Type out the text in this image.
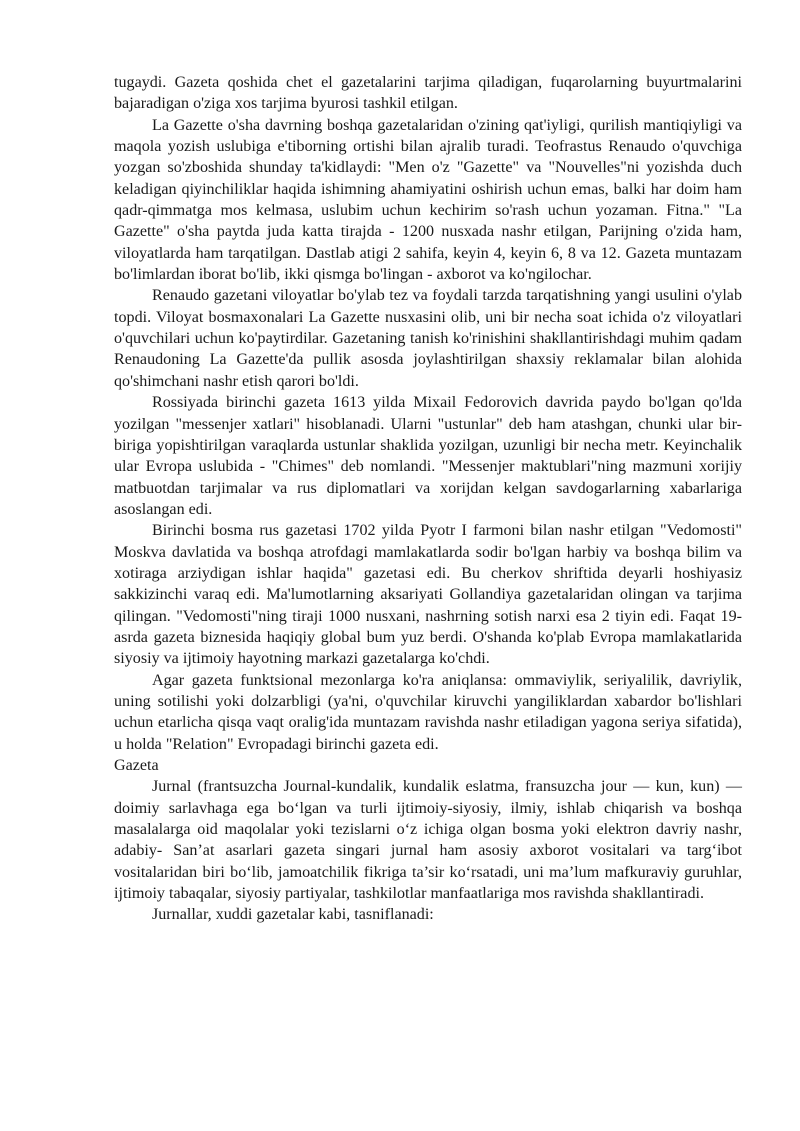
tugaydi. Gazeta qoshida chet el gazetalarini tarjima qiladigan, fuqarolarning buyurtmalarini bajaradigan o'ziga xos tarjima byurosi tashkil etilgan.

La Gazette o'sha davrning boshqa gazetalaridan o'zining qat'iyligi, qurilish mantiqiyligi va maqola yozish uslubiga e'tiborning ortishi bilan ajralib turadi. Teofrastus Renaudo o'quvchiga yozgan so'zboshida shunday ta'kidlaydi: "Men o'z "Gazette" va "Nouvelles"ni yozishda duch keladigan qiyinchiliklar haqida ishimning ahamiyatini oshirish uchun emas, balki har doim ham qadr-qimmatga mos kelmasa, uslubim uchun kechirim so'rash uchun yozaman. Fitna." "La Gazette" o'sha paytda juda katta tirajda - 1200 nusxada nashr etilgan, Parijning o'zida ham, viloyatlarda ham tarqatilgan. Dastlab atigi 2 sahifa, keyin 4, keyin 6, 8 va 12. Gazeta muntazam bo'limlardan iborat bo'lib, ikki qismga bo'lingan - axborot va ko'ngilochar.

Renaudo gazetani viloyatlar bo'ylab tez va foydali tarzda tarqatishning yangi usulini o'ylab topdi. Viloyat bosmaxonalari La Gazette nusxasini olib, uni bir necha soat ichida o'z viloyatlari o'quvchilari uchun ko'paytirdilar. Gazetaning tanish ko'rinishini shakllantirishdagi muhim qadam Renaudoning La Gazette'da pullik asosda joylashtirilgan shaxsiy reklamalar bilan alohida qo'shimchani nashr etish qarori bo'ldi.

Rossiyada birinchi gazeta 1613 yilda Mixail Fedorovich davrida paydo bo'lgan qo'lda yozilgan "messenjer xatlari" hisoblanadi. Ularni "ustunlar" deb ham atashgan, chunki ular bir-biriga yopishtirilgan varaqlarda ustunlar shaklida yozilgan, uzunligi bir necha metr. Keyinchalik ular Evropa uslubida - "Chimes" deb nomlandi. "Messenjer maktublari"ning mazmuni xorijiy matbuotdan tarjimalar va rus diplomatlari va xorijdan kelgan savdogarlarning xabarlariga asoslangan edi.

Birinchi bosma rus gazetasi 1702 yilda Pyotr I farmoni bilan nashr etilgan "Vedomosti" Moskva davlatida va boshqa atrofdagi mamlakatlarda sodir bo'lgan harbiy va boshqa bilim va xotiraga arziydigan ishlar haqida" gazetasi edi. Bu cherkov shriftida deyarli hoshiyasiz sakkizinchi varaq edi. Ma'lumotlarning aksariyati Gollandiya gazetalaridan olingan va tarjima qilingan. "Vedomosti"ning tiraji 1000 nusxani, nashrning sotish narxi esa 2 tiyin edi. Faqat 19-asrda gazeta biznesida haqiqiy global bum yuz berdi. O'shanda ko'plab Evropa mamlakatlarida siyosiy va ijtimoiy hayotning markazi gazetalarga ko'chdi.

Agar gazeta funktsional mezonlarga ko'ra aniqlansa: ommaviylik, seriyalilik, davriylik, uning sotilishi yoki dolzarbligi (ya'ni, o'quvchilar kiruvchi yangiliklardan xabardor bo'lishlari uchun etarlicha qisqa vaqt oralig'ida muntazam ravishda nashr etiladigan yagona seriya sifatida), u holda "Relation" Evropadagi birinchi gazeta edi.

Gazeta

Jurnal (frantsuzcha Journal-kundalik, kundalik eslatma, fransuzcha jour — kun, kun) — doimiy sarlavhaga ega bo‘lgan va turli ijtimoiy-siyosiy, ilmiy, ishlab chiqarish va boshqa masalalarga oid maqolalar yoki tezislarni o‘z ichiga olgan bosma yoki elektron davriy nashr, adabiy- San’at asarlari gazeta singari jurnal ham asosiy axborot vositalari va targ‘ibot vositalaridan biri bo‘lib, jamoatchilik fikriga ta’sir ko‘rsatadi, uni ma’lum mafkuraviy guruhlar, ijtimoiy tabaqalar, siyosiy partiyalar, tashkilotlar manfaatlariga mos ravishda shakllantiradi.

Jurnallar, xuddi gazetalar kabi, tasniflanadi:
